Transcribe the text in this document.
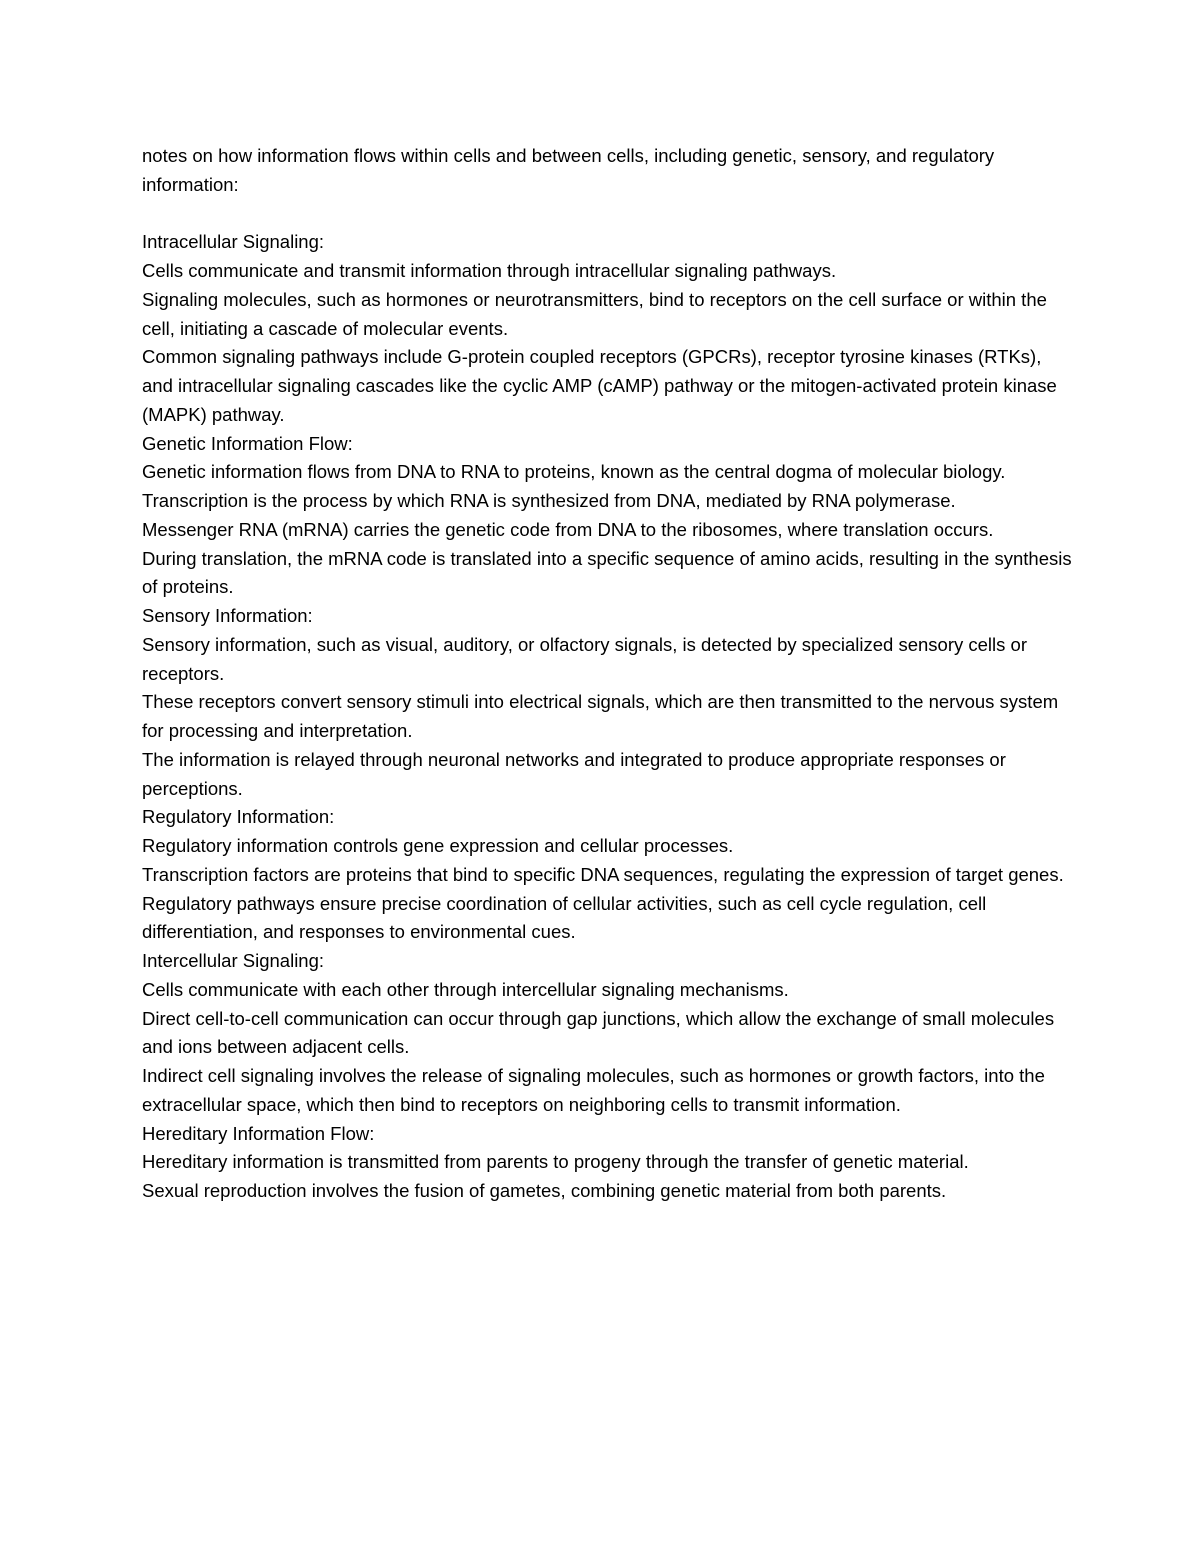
notes on how information flows within cells and between cells, including genetic, sensory, and regulatory information:

Intracellular Signaling:

Cells communicate and transmit information through intracellular signaling pathways.

Signaling molecules, such as hormones or neurotransmitters, bind to receptors on the cell surface or within the cell, initiating a cascade of molecular events.

Common signaling pathways include G-protein coupled receptors (GPCRs), receptor tyrosine kinases (RTKs), and intracellular signaling cascades like the cyclic AMP (cAMP) pathway or the mitogen-activated protein kinase (MAPK) pathway.

Genetic Information Flow:

Genetic information flows from DNA to RNA to proteins, known as the central dogma of molecular biology.

Transcription is the process by which RNA is synthesized from DNA, mediated by RNA polymerase.

Messenger RNA (mRNA) carries the genetic code from DNA to the ribosomes, where translation occurs.

During translation, the mRNA code is translated into a specific sequence of amino acids, resulting in the synthesis of proteins.

Sensory Information:

Sensory information, such as visual, auditory, or olfactory signals, is detected by specialized sensory cells or receptors.

These receptors convert sensory stimuli into electrical signals, which are then transmitted to the nervous system for processing and interpretation.

The information is relayed through neuronal networks and integrated to produce appropriate responses or perceptions.

Regulatory Information:

Regulatory information controls gene expression and cellular processes.

Transcription factors are proteins that bind to specific DNA sequences, regulating the expression of target genes.

Regulatory pathways ensure precise coordination of cellular activities, such as cell cycle regulation, cell differentiation, and responses to environmental cues.

Intercellular Signaling:

Cells communicate with each other through intercellular signaling mechanisms.

Direct cell-to-cell communication can occur through gap junctions, which allow the exchange of small molecules and ions between adjacent cells.

Indirect cell signaling involves the release of signaling molecules, such as hormones or growth factors, into the extracellular space, which then bind to receptors on neighboring cells to transmit information.

Hereditary Information Flow:

Hereditary information is transmitted from parents to progeny through the transfer of genetic material.

Sexual reproduction involves the fusion of gametes, combining genetic material from both parents.
